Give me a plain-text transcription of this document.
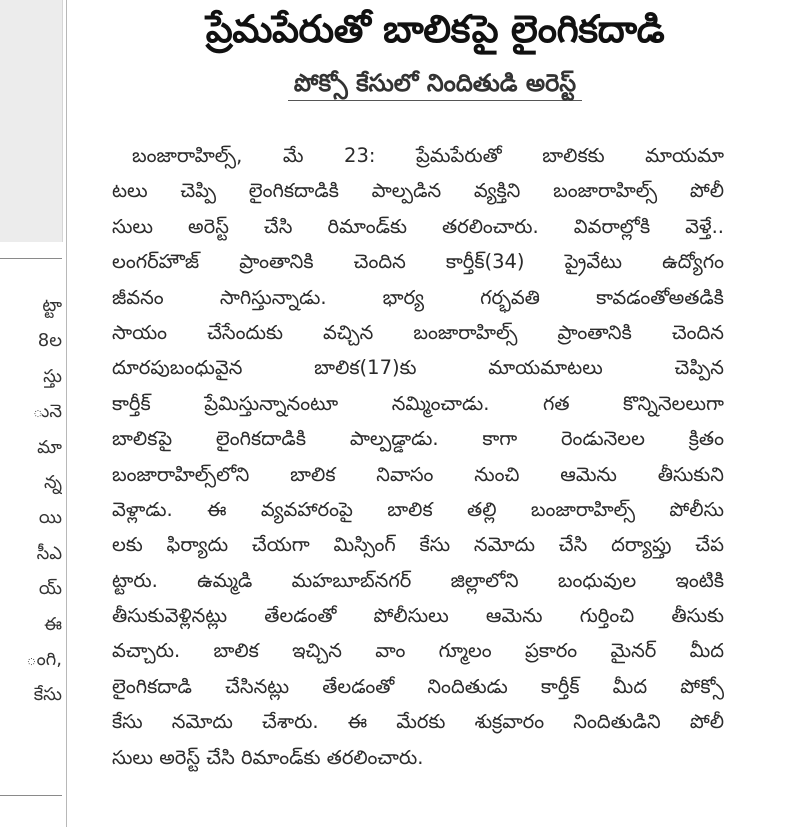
ట్టా
8ల
స్తు
ునె
మా
న్న
యి
సీఎ
య్
ఈ
ంగి,
కేసు
ప్రేమపేరుతో బాలికపై లైంగికదాడి
పోక్సో కేసులో నిందితుడి అరెస్ట్
బంజారాహిల్స్, మే 23: ప్రేమపేరుతో బాలికకు మాయమా
టలు చెప్పి లైంగికదాడికి పాల్పడిన వ్యక్తిని బంజారాహిల్స్ పోలీ
సులు అరెస్ట్ చేసి రిమాండ్‌కు తరలించారు. వివరాల్లోకి వెళ్తే..
లంగర్‌హౌజ్ ప్రాంతానికి చెందిన కార్తీక్(34) ప్రైవేటు ఉద్యోగం
జీవనం సాగిస్తున్నాడు. భార్య గర్భవతి కావడంతోఅతడికి
సాయం చేసేందుకు వచ్చిన బంజారాహిల్స్ ప్రాంతానికి చెందిన
దూరపుబంధువైన బాలిక(17)కు మాయమాటలు చెప్పిన
కార్తీక్ ప్రేమిస్తున్నానంటూ నమ్మించాడు. గత కొన్నినెలలుగా
బాలికపై లైంగికదాడికి పాల్పడ్డాడు. కాగా రెండునెలల క్రితం
బంజారాహిల్స్‌లోని బాలిక నివాసం నుంచి ఆమెను తీసుకుని
వెళ్లాడు. ఈ వ్యవహారంపై బాలిక తల్లి బంజారాహిల్స్ పోలీసు
లకు ఫిర్యాదు చేయగా మిస్సింగ్ కేసు నమోదు చేసి దర్యాప్తు చేప
ట్టారు. ఉమ్మడి మహబూబ్‌నగర్ జిల్లాలోని బంధువుల ఇంటికి
తీసుకువెళ్లినట్లు తేలడంతో పోలీసులు ఆమెను గుర్తించి తీసుకు
వచ్చారు. బాలిక ఇచ్చిన వాం గ్మూలం ప్రకారం మైనర్ మీద
లైంగికదాడి చేసినట్లు తేలడంతో నిందితుడు కార్తీక్ మీద పోక్సో
కేసు నమోదు చేశారు. ఈ మేరకు శుక్రవారం నిందితుడిని పోలీ
సులు అరెస్ట్ చేసి రిమాండ్‌కు తరలించారు.
